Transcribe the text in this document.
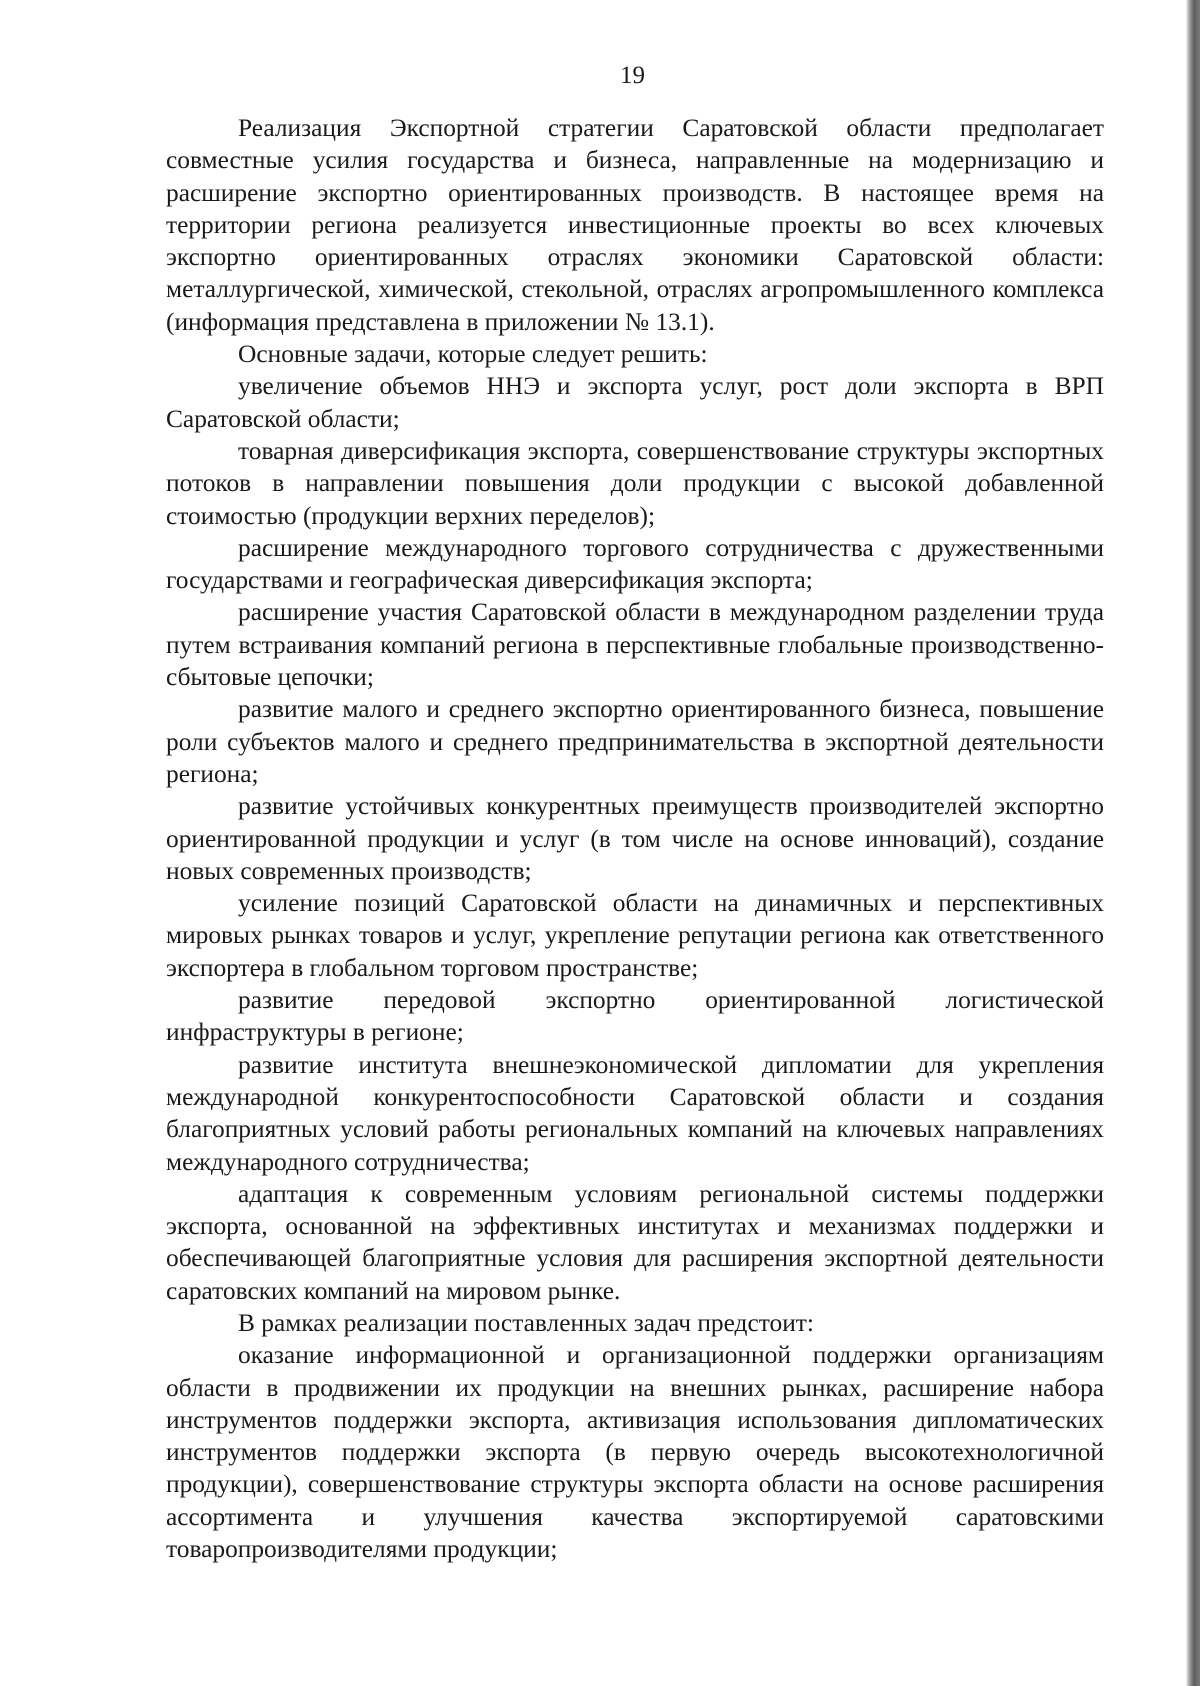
19

Реализация Экспортной стратегии Саратовской области предполагает совместные усилия государства и бизнеса, направленные на модернизацию и расширение экспортно ориентированных производств. В настоящее время на территории региона реализуется инвестиционные проекты во всех ключевых экспортно ориентированных отраслях экономики Саратовской области: металлургической, химической, стекольной, отраслях агропромышленного комплекса (информация представлена в приложении № 13.1).

Основные задачи, которые следует решить:

увеличение объемов ННЭ и экспорта услуг, рост доли экспорта в ВРП Саратовской области;

товарная диверсификация экспорта, совершенствование структуры экспортных потоков в направлении повышения доли продукции с высокой добавленной стоимостью (продукции верхних переделов);

расширение международного торгового сотрудничества с дружественными государствами и географическая диверсификация экспорта;

расширение участия Саратовской области в международном разделении труда путем встраивания компаний региона в перспективные глобальные производственно-сбытовые цепочки;

развитие малого и среднего экспортно ориентированного бизнеса, повышение роли субъектов малого и среднего предпринимательства в экспортной деятельности региона;

развитие устойчивых конкурентных преимуществ производителей экспортно ориентированной продукции и услуг (в том числе на основе инноваций), создание новых современных производств;

усиление позиций Саратовской области на динамичных и перспективных мировых рынках товаров и услуг, укрепление репутации региона как ответственного экспортера в глобальном торговом пространстве;

развитие передовой экспортно ориентированной логистической инфраструктуры в регионе;

развитие института внешнеэкономической дипломатии для укрепления международной конкурентоспособности Саратовской области и создания благоприятных условий работы региональных компаний на ключевых направлениях международного сотрудничества;

адаптация к современным условиям региональной системы поддержки экспорта, основанной на эффективных институтах и механизмах поддержки и обеспечивающей благоприятные условия для расширения экспортной деятельности саратовских компаний на мировом рынке.

В рамках реализации поставленных задач предстоит:

оказание информационной и организационной поддержки организациям области в продвижении их продукции на внешних рынках, расширение набора инструментов поддержки экспорта, активизация использования дипломатических инструментов поддержки экспорта (в первую очередь высокотехнологичной продукции), совершенствование структуры экспорта области на основе расширения ассортимента и улучшения качества экспортируемой саратовскими товаропроизводителями продукции;
